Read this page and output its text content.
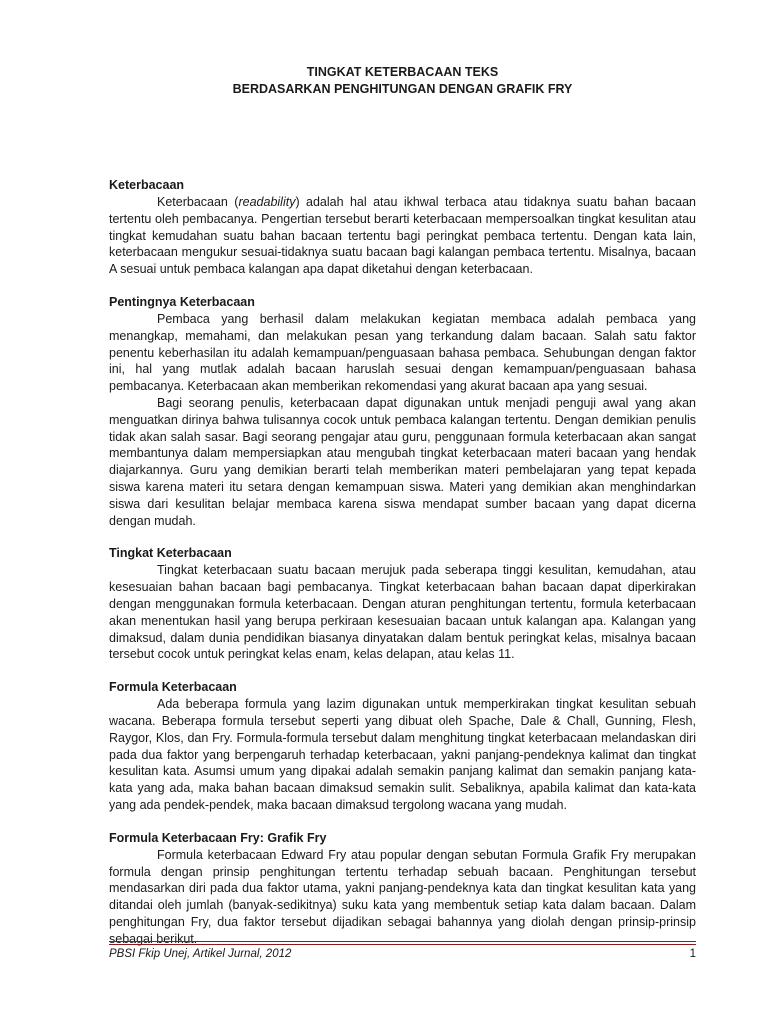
TINGKAT KETERBACAAN TEKS

BERDASARKAN PENGHITUNGAN DENGAN GRAFIK FRY

Keterbacaan

Keterbacaan (readability) adalah hal atau ikhwal terbaca atau tidaknya suatu bahan bacaan tertentu oleh pembacanya. Pengertian tersebut berarti keterbacaan mempersoalkan tingkat kesulitan atau tingkat kemudahan suatu bahan bacaan tertentu bagi peringkat pembaca tertentu. Dengan kata lain, keterbacaan mengukur sesuai-tidaknya suatu bacaan bagi kalangan pembaca tertentu. Misalnya, bacaan A sesuai untuk pembaca kalangan apa dapat diketahui dengan keterbacaan.

Pentingnya Keterbacaan

Pembaca yang berhasil dalam melakukan kegiatan membaca adalah pembaca yang menangkap, memahami, dan melakukan pesan yang terkandung dalam bacaan. Salah satu faktor penentu keberhasilan itu adalah kemampuan/penguasaan bahasa pembaca. Sehubungan dengan faktor ini, hal yang mutlak adalah bacaan haruslah sesuai dengan kemampuan/penguasaan bahasa pembacanya. Keterbacaan akan memberikan rekomendasi yang akurat bacaan apa yang sesuai.

Bagi seorang penulis, keterbacaan dapat digunakan untuk menjadi penguji awal yang akan menguatkan dirinya bahwa tulisannya cocok untuk pembaca kalangan tertentu. Dengan demikian penulis tidak akan salah sasar. Bagi seorang pengajar atau guru, penggunaan formula keterbacaan akan sangat membantunya dalam mempersiapkan atau mengubah tingkat keterbacaan materi bacaan yang hendak diajarkannya. Guru yang demikian berarti telah memberikan materi pembelajaran yang tepat kepada siswa karena materi itu setara dengan kemampuan siswa. Materi yang demikian akan menghindarkan siswa dari kesulitan belajar membaca karena siswa mendapat sumber bacaan yang dapat dicerna dengan mudah.

Tingkat Keterbacaan

Tingkat keterbacaan suatu bacaan merujuk pada seberapa tinggi kesulitan, kemudahan, atau kesesuaian bahan bacaan bagi pembacanya. Tingkat keterbacaan bahan bacaan dapat diperkirakan dengan menggunakan formula keterbacaan. Dengan aturan penghitungan tertentu, formula keterbacaan akan menentukan hasil yang berupa perkiraan kesesuaian bacaan untuk kalangan apa. Kalangan yang dimaksud, dalam dunia pendidikan biasanya dinyatakan dalam bentuk peringkat kelas, misalnya bacaan tersebut cocok untuk peringkat kelas enam, kelas delapan, atau kelas 11.

Formula Keterbacaan

Ada beberapa formula yang lazim digunakan untuk memperkirakan tingkat kesulitan sebuah wacana. Beberapa formula tersebut seperti yang dibuat oleh Spache, Dale & Chall, Gunning, Flesh, Raygor, Klos, dan Fry. Formula-formula tersebut dalam menghitung tingkat keterbacaan melandaskan diri pada dua faktor yang berpengaruh terhadap keterbacaan, yakni panjang-pendeknya kalimat dan tingkat kesulitan kata. Asumsi umum yang dipakai adalah semakin panjang kalimat dan semakin panjang kata-kata yang ada, maka bahan bacaan dimaksud semakin sulit. Sebaliknya, apabila kalimat dan kata-kata yang ada pendek-pendek, maka bacaan dimaksud tergolong wacana yang mudah.

Formula Keterbacaan Fry: Grafik Fry

Formula keterbacaan Edward Fry atau popular dengan sebutan Formula Grafik Fry merupakan formula dengan prinsip penghitungan tertentu terhadap sebuah bacaan. Penghitungan tersebut mendasarkan diri pada dua faktor utama, yakni panjang-pendeknya kata dan tingkat kesulitan kata yang ditandai oleh jumlah (banyak-sedikitnya) suku kata yang membentuk setiap kata dalam bacaan. Dalam penghitungan Fry, dua faktor tersebut dijadikan sebagai bahannya yang diolah dengan prinsip-prinsip sebagai berikut.

PBSI Fkip Unej, Artikel Jurnal, 2012	1
